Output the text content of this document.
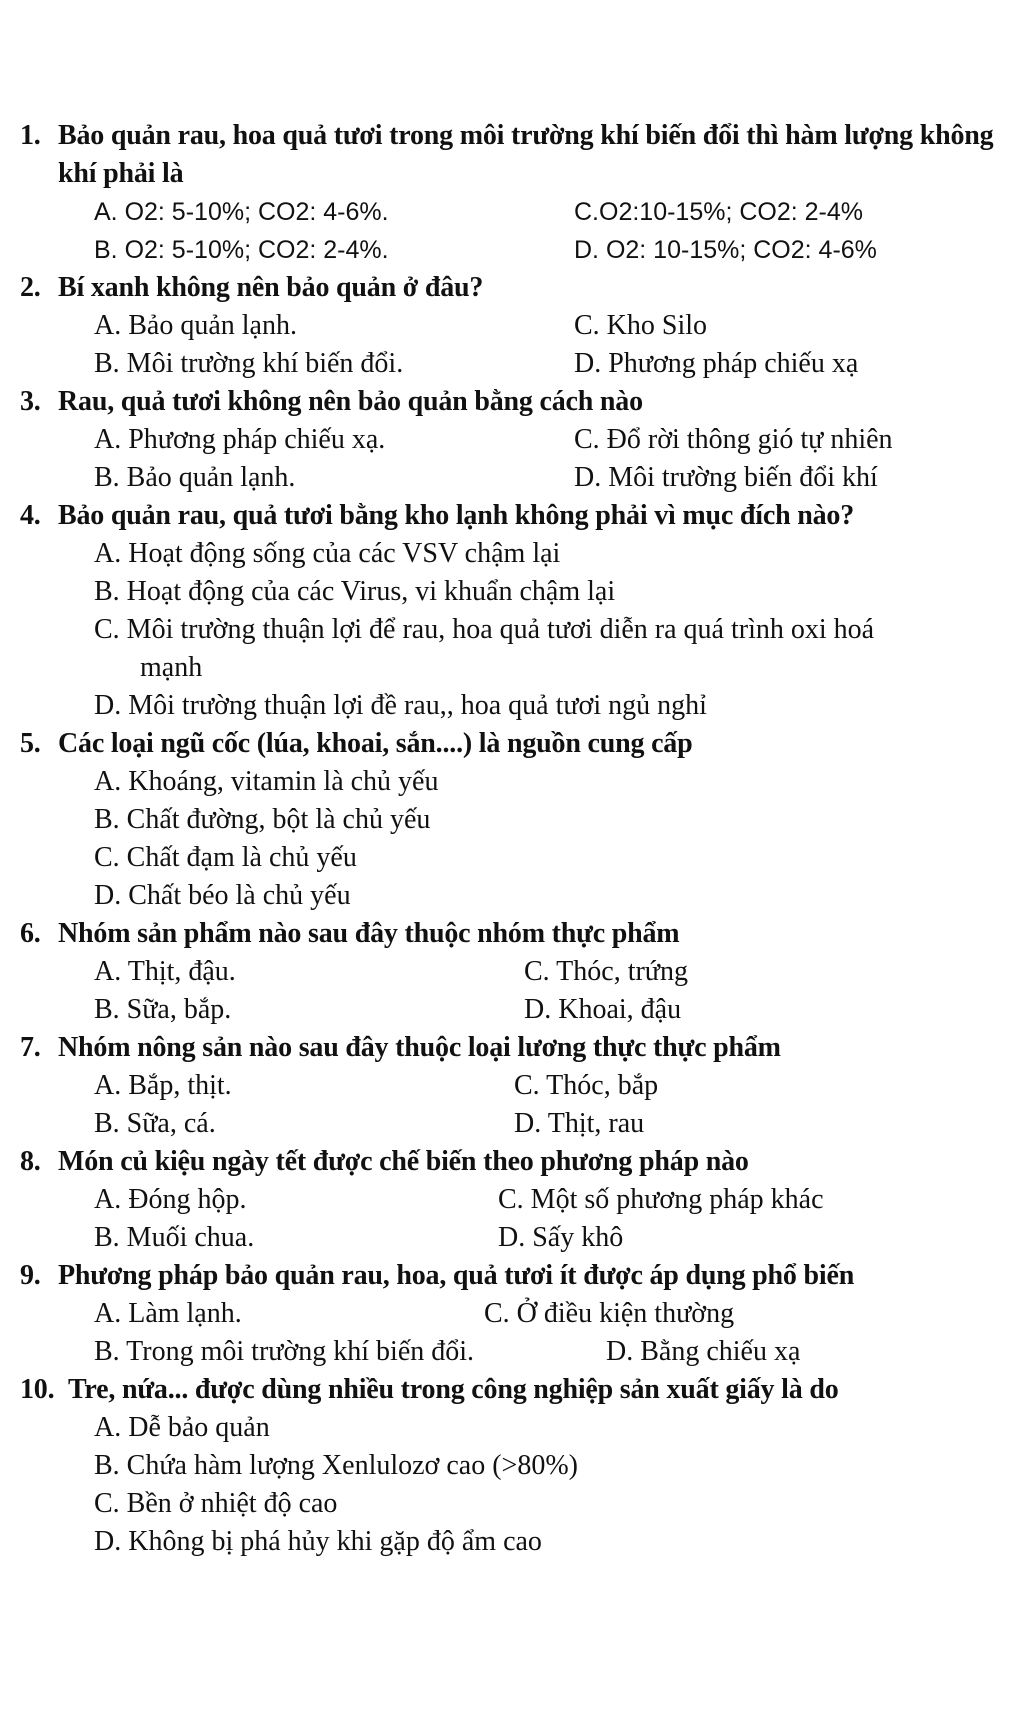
1. Bảo quản rau, hoa quả tươi trong môi trường khí biến đổi thì hàm lượng không khí phải là
A. O2: 5-10%; CO2: 4-6%.	C.O2:10-15%; CO2: 2-4%
B. O2: 5-10%; CO2: 2-4%.	D. O2: 10-15%; CO2: 4-6%
2. Bí xanh không nên bảo quản ở đâu?
A. Bảo quản lạnh.	C. Kho Silo
B. Môi trường khí biến đổi.	D. Phương pháp chiếu xạ
3. Rau, quả tươi không nên bảo quản bằng cách nào
A. Phương pháp chiếu xạ.	C. Đổ rời thông gió tự nhiên
B. Bảo quản lạnh.	D. Môi trường biến đổi khí
4. Bảo quản rau, quả tươi bằng kho lạnh không phải vì mục đích nào?
A. Hoạt động sống của các VSV chậm lại
B. Hoạt động của các Virus, vi khuẩn chậm lại
C. Môi trường thuận lợi để rau, hoa quả tươi diễn ra quá trình oxi hoá
mạnh
D. Môi trường thuận lợi đề rau,, hoa quả tươi ngủ nghỉ
5. Các loại ngũ cốc (lúa, khoai, sắn....) là nguồn cung cấp
A. Khoáng, vitamin là chủ yếu
B. Chất đường, bột là chủ yếu
C. Chất đạm là chủ yếu
D. Chất béo là chủ yếu
6. Nhóm sản phẩm nào sau đây thuộc nhóm thực phẩm
A. Thịt, đậu.	C. Thóc, trứng
B. Sữa, bắp.	D. Khoai, đậu
7. Nhóm nông sản nào sau đây thuộc loại lương thực thực phẩm
A. Bắp, thịt.	C. Thóc, bắp
B. Sữa, cá.	D. Thịt, rau
8. Món củ kiệu ngày tết được chế biến theo phương pháp nào
A. Đóng hộp.	C. Một số phương pháp khác
B. Muối chua.	D. Sấy khô
9. Phương pháp bảo quản rau, hoa, quả tươi ít được áp dụng phổ biến
A. Làm lạnh.	C. Ở điều kiện thường
B. Trong môi trường khí biến đổi.	D. Bằng chiếu xạ
10. Tre, nứa... được dùng nhiều trong công nghiệp sản xuất giấy là do
A. Dễ bảo quản
B. Chứa hàm lượng Xenlulozơ cao (>80%)
C. Bền ở nhiệt độ cao
D. Không bị phá hủy khi gặp độ ẩm cao
